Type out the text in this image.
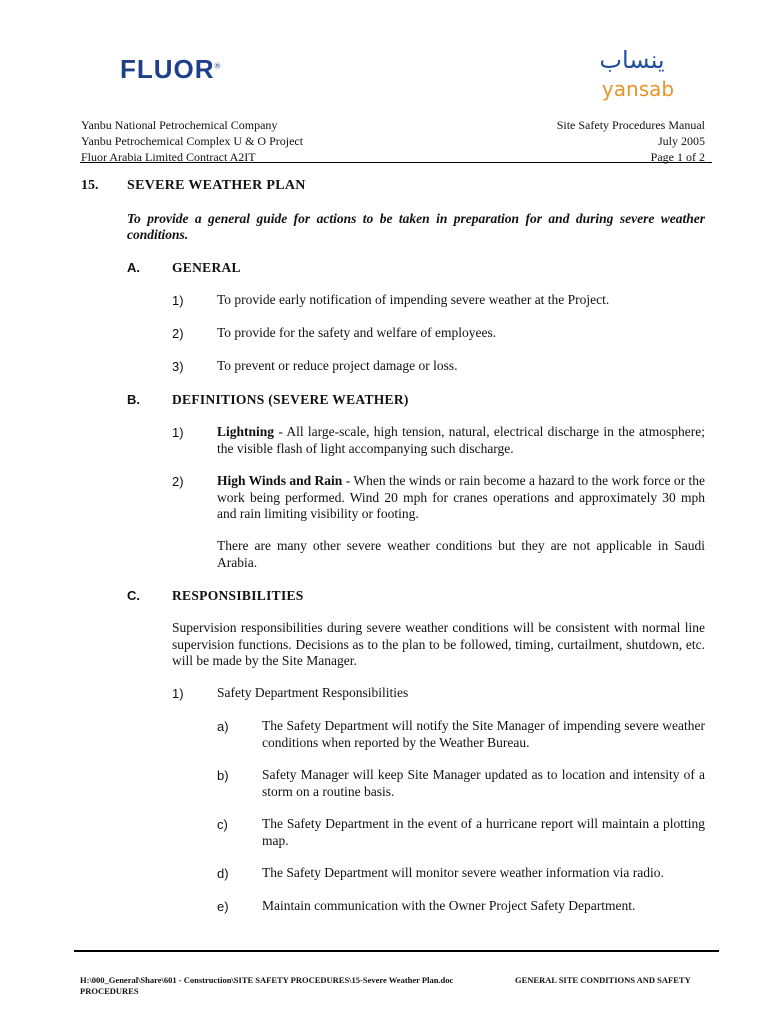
FLUOR®	ينساب
yansab
Yanbu National Petrochemical Company
Yanbu Petrochemical Complex U & O Project
Fluor Arabia Limited Contract A2IT
Site Safety Procedures Manual
July 2005
Page 1 of 2
15. SEVERE WEATHER PLAN
To provide a general guide for actions to be taken in preparation for and during severe weather conditions.
A. GENERAL
1) To provide early notification of impending severe weather at the Project.
2) To provide for the safety and welfare of employees.
3) To prevent or reduce project damage or loss.
B. DEFINITIONS (SEVERE WEATHER)
1) Lightning - All large-scale, high tension, natural, electrical discharge in the atmosphere; the visible flash of light accompanying such discharge.
2) High Winds and Rain - When the winds or rain become a hazard to the work force or the work being performed. Wind 20 mph for cranes operations and approximately 30 mph and rain limiting visibility or footing.
There are many other severe weather conditions but they are not applicable in Saudi Arabia.
C. RESPONSIBILITIES
Supervision responsibilities during severe weather conditions will be consistent with normal line supervision functions. Decisions as to the plan to be followed, timing, curtailment, shutdown, etc. will be made by the Site Manager.
1) Safety Department Responsibilities
a) The Safety Department will notify the Site Manager of impending severe weather conditions when reported by the Weather Bureau.
b) Safety Manager will keep Site Manager updated as to location and intensity of a storm on a routine basis.
c)	The Safety Department in the event of a hurricane report will maintain a plotting map.
d) The Safety Department will monitor severe weather information via radio.
e) Maintain communication with the Owner Project Safety Department.
H:\000_General\Share\601 - Construction\SITE SAFETY PROCEDURES\15-Severe Weather Plan.doc	GENERAL SITE CONDITIONS AND SAFETY
PROCEDURES
